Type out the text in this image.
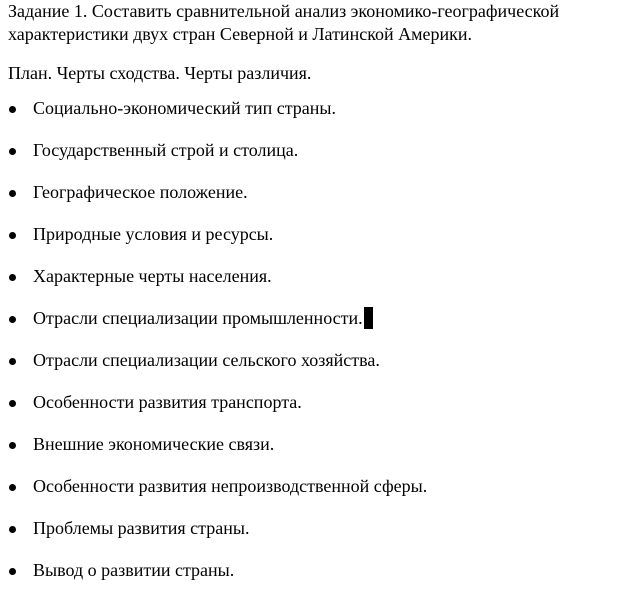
Задание 1. Составить сравнительной анализ экономико-географической характеристики двух стран Северной и Латинской Америки.

План. Черты сходства. Черты различия.

Социально-экономический тип страны.
Государственный строй и столица.
Географическое положение.
Природные условия и ресурсы.
Характерные черты населения.
Отрасли специализации промышленности.
Отрасли специализации сельского хозяйства.
Особенности развития транспорта.
Внешние экономические связи.
Особенности развития непроизводственной сферы.
Проблемы развития страны.
Вывод о развитии страны.
